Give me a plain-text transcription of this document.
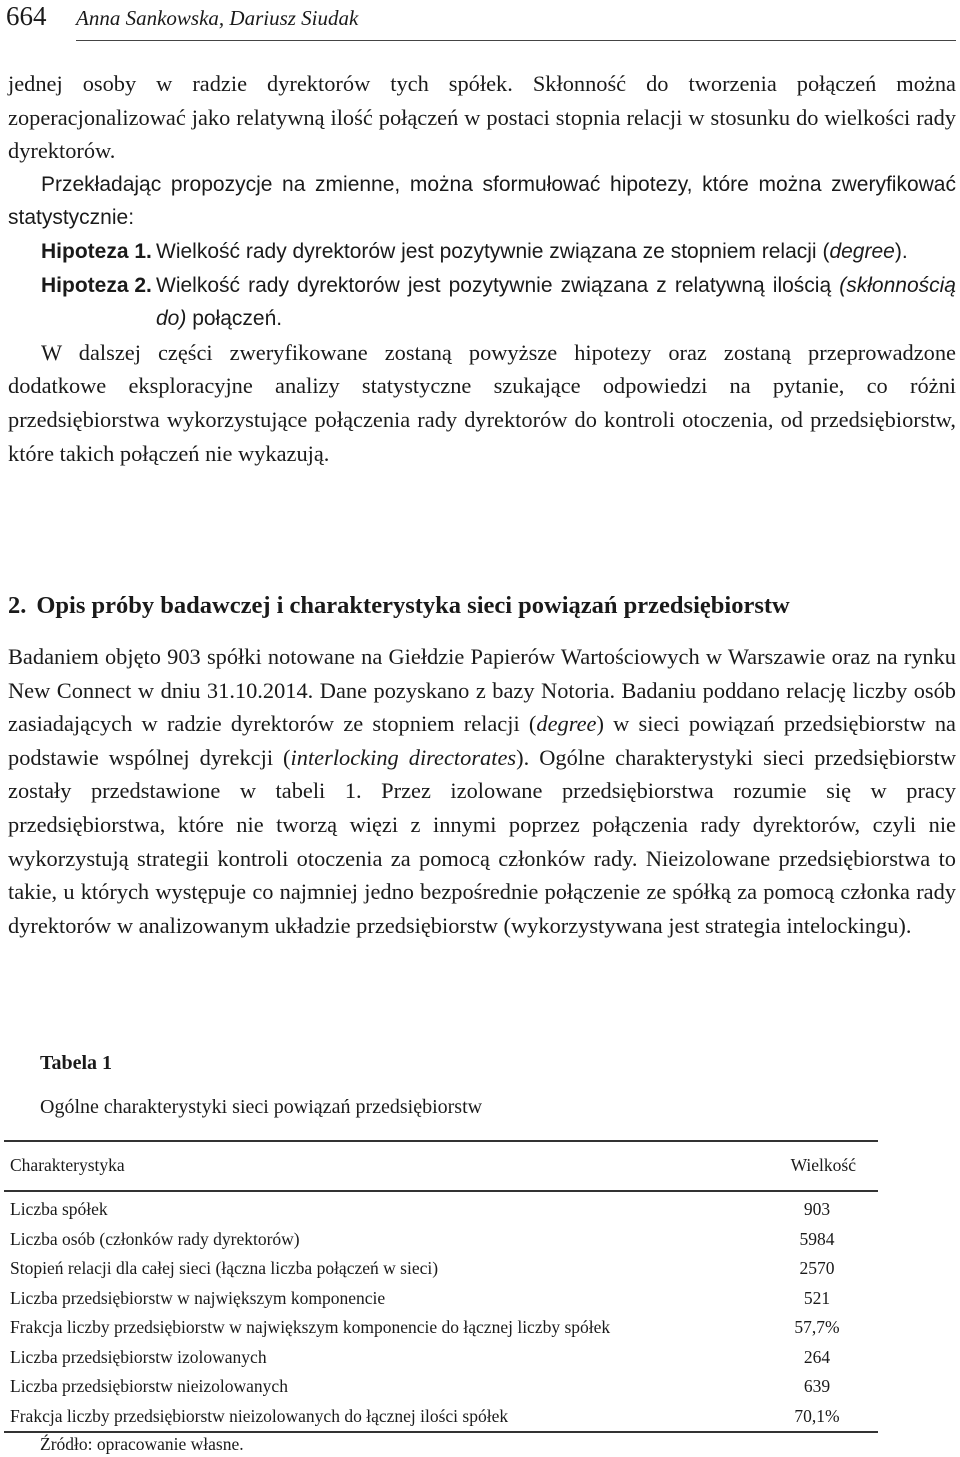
664 Anna Sankowska, Dariusz Siudak

jednej osoby w radzie dyrektorów tych spółek. Skłonność do tworzenia połączeń można zoperacjonalizować jako relatywną ilość połączeń w postaci stopnia relacji w stosunku do wielkości rady dyrektorów.

Przekładając propozycje na zmienne, można sformułować hipotezy, które można zweryfikować statystycznie:

Hipoteza 1. Wielkość rady dyrektorów jest pozytywnie związana ze stopniem relacji (degree).
Hipoteza 2. Wielkość rady dyrektorów jest pozytywnie związana z relatywną ilością (skłonnością do) połączeń.

W dalszej części zweryfikowane zostaną powyższe hipotezy oraz zostaną przeprowadzone dodatkowe eksploracyjne analizy statystyczne szukające odpowiedzi na pytanie, co różni przedsiębiorstwa wykorzystujące połączenia rady dyrektorów do kontroli otoczenia, od przedsiębiorstw, które takich połączeń nie wykazują.

2. Opis próby badawczej i charakterystyka sieci powiązań przedsiębiorstw

Badaniem objęto 903 spółki notowane na Giełdzie Papierów Wartościowych w Warszawie oraz na rynku New Connect w dniu 31.10.2014. Dane pozyskano z bazy Notoria. Badaniu poddano relację liczby osób zasiadających w radzie dyrektorów ze stopniem relacji (degree) w sieci powiązań przedsiębiorstw na podstawie wspólnej dyrekcji (interlocking directorates). Ogólne charakterystyki sieci przedsiębiorstw zostały przedstawione w tabeli 1. Przez izolowane przedsiębiorstwa rozumie się w pracy przedsiębiorstwa, które nie tworzą więzi z innymi poprzez połączenia rady dyrektorów, czyli nie wykorzystują strategii kontroli otoczenia za pomocą członków rady. Nieizolowane przedsiębiorstwa to takie, u których występuje co najmniej jedno bezpośrednie połączenie ze spółką za pomocą członka rady dyrektorów w analizowanym układzie przedsiębiorstw (wykorzystywana jest strategia intelockingu).

Tabela 1
Ogólne charakterystyki sieci powiązań przedsiębiorstw
Charakterystyka	Wielkość
Liczba spółek	903
Liczba osób (członków rady dyrektorów)	5984
Stopień relacji dla całej sieci (łączna liczba połączeń w sieci)	2570
Liczba przedsiębiorstw w największym komponencie	521
Frakcja liczby przedsiębiorstw w największym komponencie do łącznej liczby spółek	57,7%
Liczba przedsiębiorstw izolowanych	264
Liczba przedsiębiorstw nieizolowanych	639
Frakcja liczby przedsiębiorstw nieizolowanych do łącznej ilości spółek	70,1%
Źródło: opracowanie własne.
